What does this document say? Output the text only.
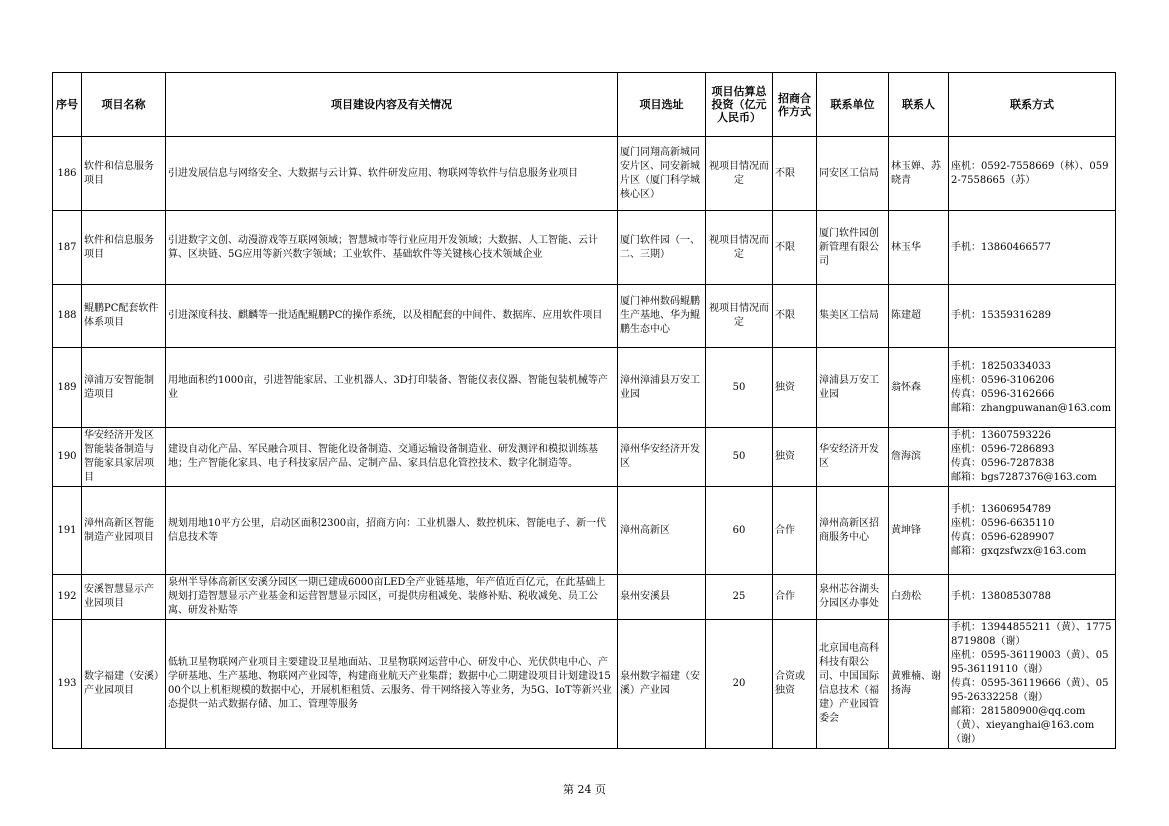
序号	项目名称	项目建设内容及有关情况	项目选址	项目估算总投资（亿元人民币）	招商合作方式	联系单位	联系人	联系方式
186	软件和信息服务项目	引进发展信息与网络安全、大数据与云计算、软件研发应用、物联网等软件与信息服务业项目	厦门同翔高新城同安片区、同安新城片区（厦门科学城核心区）	视项目情况而定	不限	同安区工信局	林玉婵、苏晓青	座机：0592-7558669（林）、0592-7558665（苏）
187	软件和信息服务项目	引进数字文创、动漫游戏等互联网领域；智慧城市等行业应用开发领域；大数据、人工智能、云计算、区块链、5G应用等新兴数字领域；工业软件、基础软件等关键核心技术领域企业	厦门软件园（一、二、三期）	视项目情况而定	不限	厦门软件园创新管理有限公司	林玉华	手机：13860466577
188	鲲鹏PC配套软件体系项目	引进深度科技、麒麟等一批适配鲲鹏PC的操作系统，以及相配套的中间件、数据库、应用软件项目	厦门神州数码鲲鹏生产基地、华为鲲鹏生态中心	视项目情况而定	不限	集美区工信局	陈建超	手机：15359316289
189	漳浦万安智能制造项目	用地面积约1000亩，引进智能家居、工业机器人、3D打印装备、智能仪表仪器、智能包装机械等产业	漳州漳浦县万安工业园	50	独资	漳浦县万安工业园	翁怀森	手机：18250334033
座机：0596-3106206
传真：0596-3162666
邮箱：zhangpuwanan@163.com
190	华安经济开发区智能装备制造与智能家具家居项目	建设自动化产品、军民融合项目、智能化设备制造、交通运输设备制造业、研发测评和模拟训练基地；生产智能化家具、电子科技家居产品、定制产品、家具信息化管控技术、数字化制造等。	漳州华安经济开发区	50	独资	华安经济开发区	詹海滨	手机：13607593226
座机：0596-7286893
传真：0596-7287838
邮箱：bgs7287376@163.com
191	漳州高新区智能制造产业园项目	规划用地10平方公里，启动区面积2300亩，招商方向：工业机器人、数控机床、智能电子、新一代信息技术等	漳州高新区	60	合作	漳州高新区招商服务中心	黄坤锋	手机：13606954789
座机：0596-6635110
传真：0596-6289907
邮箱：gxqzsfwzx@163.com
192	安溪智慧显示产业园项目	泉州半导体高新区安溪分园区一期已建成6000亩LED全产业链基地，年产值近百亿元，在此基础上规划打造智慧显示产业基金和运营智慧显示园区，可提供房租减免、装修补贴、税收减免、员工公寓、研发补贴等	泉州安溪县	25	合作	泉州芯谷湖头分园区办事处	白劲松	手机：13808530788
193	数字福建（安溪）产业园项目	低轨卫星物联网产业项目主要建设卫星地面站、卫星物联网运营中心、研发中心、光伏供电中心、产学研基地、生产基地、物联网产业园等，构建商业航天产业集群；数据中心二期建设项目计划建设1500个以上机柜规模的数据中心，开展机柜租赁、云服务、骨干网络接入等业务，为5G、IoT等新兴业态提供一站式数据存储、加工、管理等服务	泉州数字福建（安溪）产业园	20	合资或独资	北京国电高科科技有限公司、中国国际信息技术（福建）产业园管委会	黄雅楠、谢扬海	手机：13944855211（黄）、17758719808（谢）
座机：0595-36119003（黄）、0595-36119110（谢）
传真：0595-36119666（黄）、0595-26332258（谢）
邮箱：281580900@qq.com（黄）、xieyanghai@163.com（谢）
第 24 页
